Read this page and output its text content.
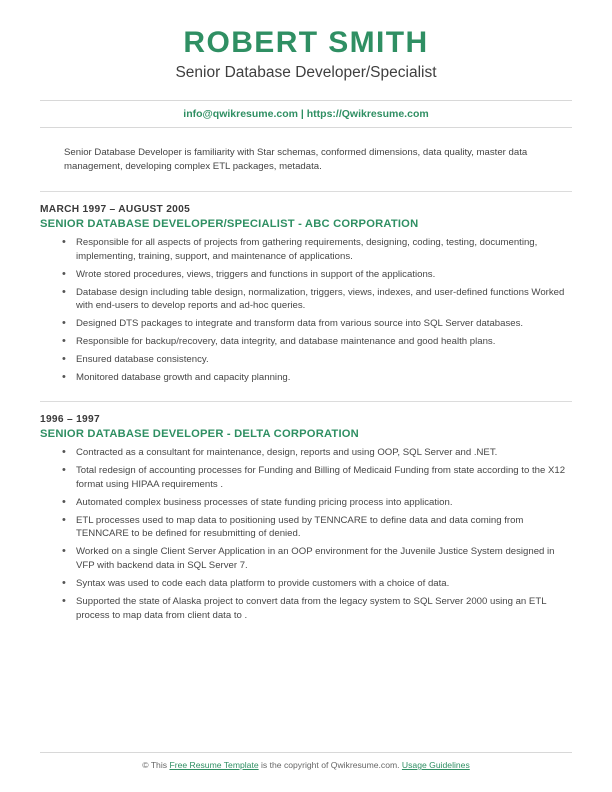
ROBERT SMITH
Senior Database Developer/Specialist
info@qwikresume.com | https://Qwikresume.com
Senior Database Developer is familiarity with Star schemas, conformed dimensions, data quality, master data management, developing complex ETL packages, metadata.
MARCH 1997 – AUGUST 2005
SENIOR DATABASE DEVELOPER/SPECIALIST - ABC CORPORATION
• Responsible for all aspects of projects from gathering requirements, designing, coding, testing, documenting, implementing, training, support, and maintenance of applications.
• Wrote stored procedures, views, triggers and functions in support of the applications.
• Database design including table design, normalization, triggers, views, indexes, and user-defined functions Worked with end-users to develop reports and ad-hoc queries.
• Designed DTS packages to integrate and transform data from various source into SQL Server databases.
• Responsible for backup/recovery, data integrity, and database maintenance and good health plans.
• Ensured database consistency.
• Monitored database growth and capacity planning.
1996 – 1997
SENIOR DATABASE DEVELOPER - DELTA CORPORATION
• Contracted as a consultant for maintenance, design, reports and using OOP, SQL Server and .NET.
• Total redesign of accounting processes for Funding and Billing of Medicaid Funding from state according to the X12 format using HIPAA requirements .
• Automated complex business processes of state funding pricing process into application.
• ETL processes used to map data to positioning used by TENNCARE to define data and data coming from TENNCARE to be defined for resubmitting of denied.
• Worked on a single Client Server Application in an OOP environment for the Juvenile Justice System designed in VFP with backend data in SQL Server 7.
• Syntax was used to code each data platform to provide customers with a choice of data.
• Supported the state of Alaska project to convert data from the legacy system to SQL Server 2000 using an ETL process to map data from client data to .
© This Free Resume Template is the copyright of Qwikresume.com. Usage Guidelines
